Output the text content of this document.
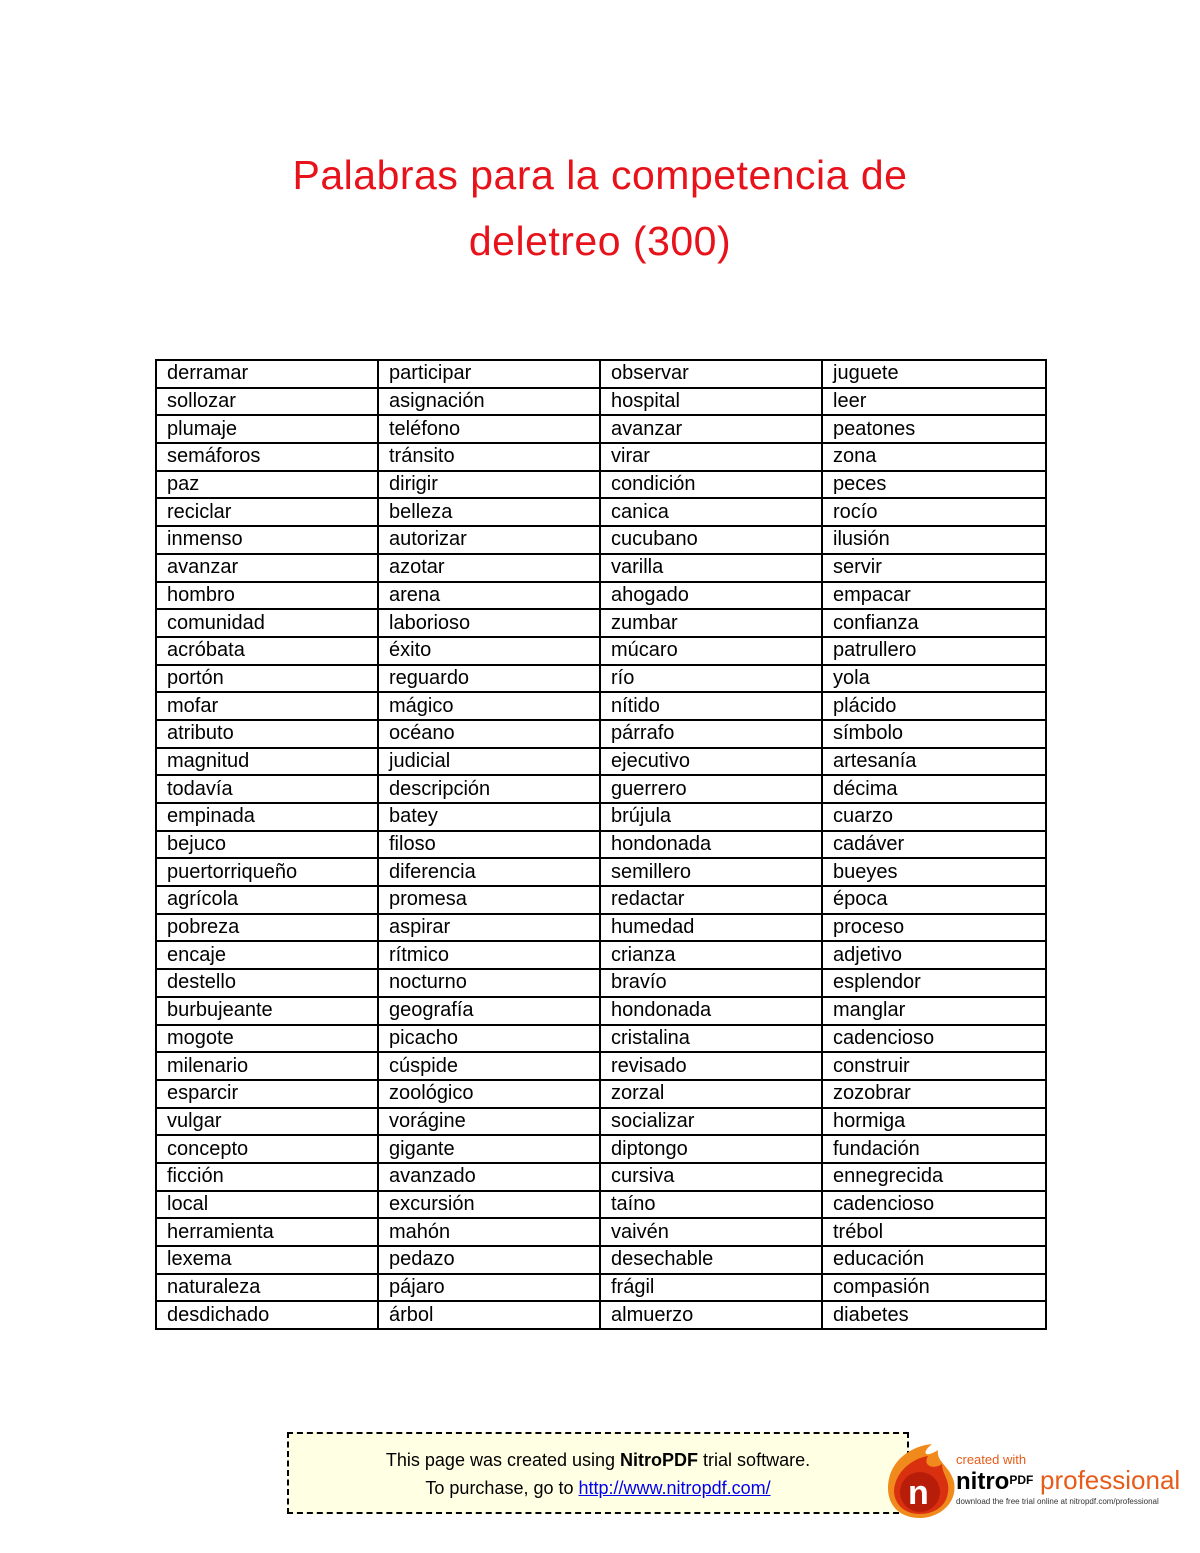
Palabras para la competencia de
deletreo (300)
derramar	participar	observar	juguete
sollozar	asignación	hospital	leer
plumaje	teléfono	avanzar	peatones
semáforos	tránsito	virar	zona
paz	dirigir	condición	peces
reciclar	belleza	canica	rocío
inmenso	autorizar	cucubano	ilusión
avanzar	azotar	varilla	servir
hombro	arena	ahogado	empacar
comunidad	laborioso	zumbar	confianza
acróbata	éxito	múcaro	patrullero
portón	reguardo	río	yola
mofar	mágico	nítido	plácido
atributo	océano	párrafo	símbolo
magnitud	judicial	ejecutivo	artesanía
todavía	descripción	guerrero	décima
empinada	batey	brújula	cuarzo
bejuco	filoso	hondonada	cadáver
puertorriqueño	diferencia	semillero	bueyes
agrícola	promesa	redactar	época
pobreza	aspirar	humedad	proceso
encaje	rítmico	crianza	adjetivo
destello	nocturno	bravío	esplendor
burbujeante	geografía	hondonada	manglar
mogote	picacho	cristalina	cadencioso
milenario	cúspide	revisado	construir
esparcir	zoológico	zorzal	zozobrar
vulgar	vorágine	socializar	hormiga
concepto	gigante	diptongo	fundación
ficción	avanzado	cursiva	ennegrecida
local	excursión	taíno	cadencioso
herramienta	mahón	vaivén	trébol
lexema	pedazo	desechable	educación
naturaleza	pájaro	frágil	compasión
desdichado	árbol	almuerzo	diabetes
This page was created using NitroPDF trial software.
To purchase, go to http://www.nitropdf.com/	n
created with
nitro$^{PDF}$ professional
download the free trial online at nitropdf.com/professional
